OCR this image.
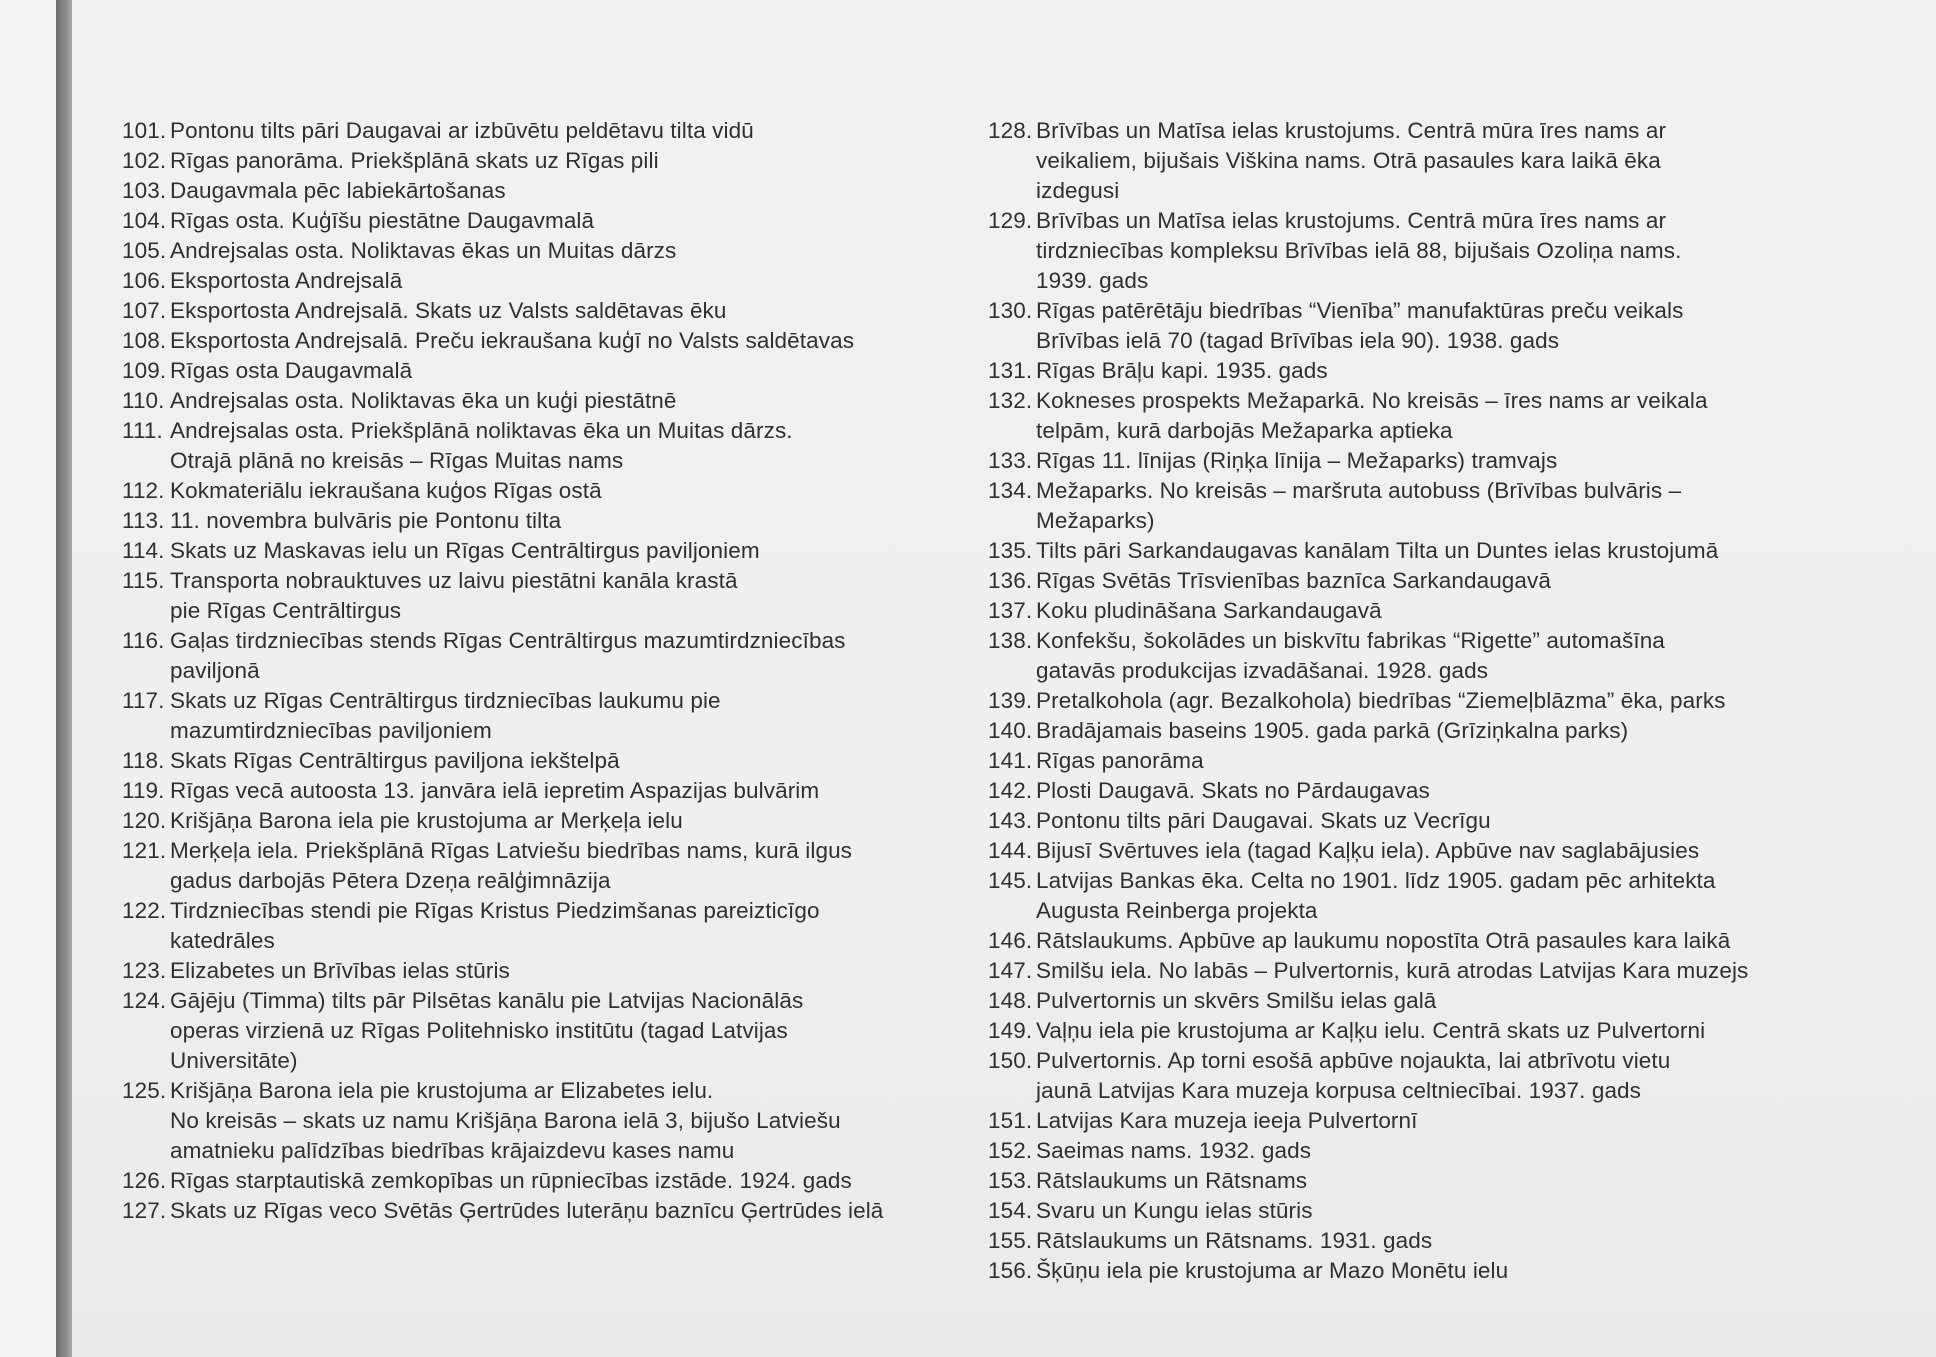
101. Pontonu tilts pāri Daugavai ar izbūvētu peldētavu tilta vidū
102. Rīgas panorāma. Priekšplānā skats uz Rīgas pili
103. Daugavmala pēc labiekārtošanas
104. Rīgas osta. Kuģīšu piestātne Daugavmalā
105. Andrejsalas osta. Noliktavas ēkas un Muitas dārzs
106. Eksportosta Andrejsalā
107. Eksportosta Andrejsalā. Skats uz Valsts saldētavas ēku
108. Eksportosta Andrejsalā. Preču iekraušana kuģī no Valsts saldētavas
109. Rīgas osta Daugavmalā
110. Andrejsalas osta. Noliktavas ēka un kuģi piestātnē
111. Andrejsalas osta. Priekšplānā noliktavas ēka un Muitas dārzs.
Otrajā plānā no kreisās – Rīgas Muitas nams
112. Kokmateriālu iekraušana kuģos Rīgas ostā
113. 11. novembra bulvāris pie Pontonu tilta
114. Skats uz Maskavas ielu un Rīgas Centrāltirgus paviljoniem
115. Transporta nobrauktuves uz laivu piestātni kanāla krastā
pie Rīgas Centrāltirgus
116. Gaļas tirdzniecības stends Rīgas Centrāltirgus mazumtirdzniecības
paviljonā
117. Skats uz Rīgas Centrāltirgus tirdzniecības laukumu pie
mazumtirdzniecības paviljoniem
118. Skats Rīgas Centrāltirgus paviljona iekštelpā
119. Rīgas vecā autoosta 13. janvāra ielā iepretim Aspazijas bulvārim
120. Krišjāņa Barona iela pie krustojuma ar Merķeļa ielu
121. Merķeļa iela. Priekšplānā Rīgas Latviešu biedrības nams, kurā ilgus
gadus darbojās Pētera Dzeņa reālģimnāzija
122. Tirdzniecības stendi pie Rīgas Kristus Piedzimšanas pareizticīgo
katedrāles
123. Elizabetes un Brīvības ielas stūris
124. Gājēju (Timma) tilts pār Pilsētas kanālu pie Latvijas Nacionālās
operas virzienā uz Rīgas Politehnisko institūtu (tagad Latvijas
Universitāte)
125. Krišjāņa Barona iela pie krustojuma ar Elizabetes ielu.
No kreisās – skats uz namu Krišjāņa Barona ielā 3, bijušo Latviešu
amatnieku palīdzības biedrības krājaizdevu kases namu
126. Rīgas starptautiskā zemkopības un rūpniecības izstāde. 1924. gads
127. Skats uz Rīgas veco Svētās Ģertrūdes luterāņu baznīcu Ģertrūdes ielā
128. Brīvības un Matīsa ielas krustojums. Centrā mūra īres nams ar
veikaliem, bijušais Viškina nams. Otrā pasaules kara laikā ēka
izdegusi
129. Brīvības un Matīsa ielas krustojums. Centrā mūra īres nams ar
tirdzniecības kompleksu Brīvības ielā 88, bijušais Ozoliņa nams.
1939. gads
130. Rīgas patērētāju biedrības “Vienība” manufaktūras preču veikals
Brīvības ielā 70 (tagad Brīvības iela 90). 1938. gads
131. Rīgas Brāļu kapi. 1935. gads
132. Kokneses prospekts Mežaparkā. No kreisās – īres nams ar veikala
telpām, kurā darbojās Mežaparka aptieka
133. Rīgas 11. līnijas (Riņķa līnija – Mežaparks) tramvajs
134. Mežaparks. No kreisās – maršruta autobuss (Brīvības bulvāris –
Mežaparks)
135. Tilts pāri Sarkandaugavas kanālam Tilta un Duntes ielas krustojumā
136. Rīgas Svētās Trīsvienības baznīca Sarkandaugavā
137. Koku pludināšana Sarkandaugavā
138. Konfekšu, šokolādes un biskvītu fabrikas “Rigette” automašīna
gatavās produkcijas izvadāšanai. 1928. gads
139. Pretalkohola (agr. Bezalkohola) biedrības “Ziemeļblāzma” ēka, parks
140. Bradājamais baseins 1905. gada parkā (Grīziņkalna parks)
141. Rīgas panorāma
142. Plosti Daugavā. Skats no Pārdaugavas
143. Pontonu tilts pāri Daugavai. Skats uz Vecrīgu
144. Bijusī Svērtuves iela (tagad Kaļķu iela). Apbūve nav saglabājusies
145. Latvijas Bankas ēka. Celta no 1901. līdz 1905. gadam pēc arhitekta
Augusta Reinberga projekta
146. Rātslaukums. Apbūve ap laukumu nopostīta Otrā pasaules kara laikā
147. Smilšu iela. No labās – Pulvertornis, kurā atrodas Latvijas Kara muzejs
148. Pulvertornis un skvērs Smilšu ielas galā
149. Vaļņu iela pie krustojuma ar Kaļķu ielu. Centrā skats uz Pulvertorni
150. Pulvertornis. Ap torni esošā apbūve nojaukta, lai atbrīvotu vietu
jaunā Latvijas Kara muzeja korpusa celtniecībai. 1937. gads
151. Latvijas Kara muzeja ieeja Pulvertornī
152. Saeimas nams. 1932. gads
153. Rātslaukums un Rātsnams
154. Svaru un Kungu ielas stūris
155. Rātslaukums un Rātsnams. 1931. gads
156. Šķūņu iela pie krustojuma ar Mazo Monētu ielu
